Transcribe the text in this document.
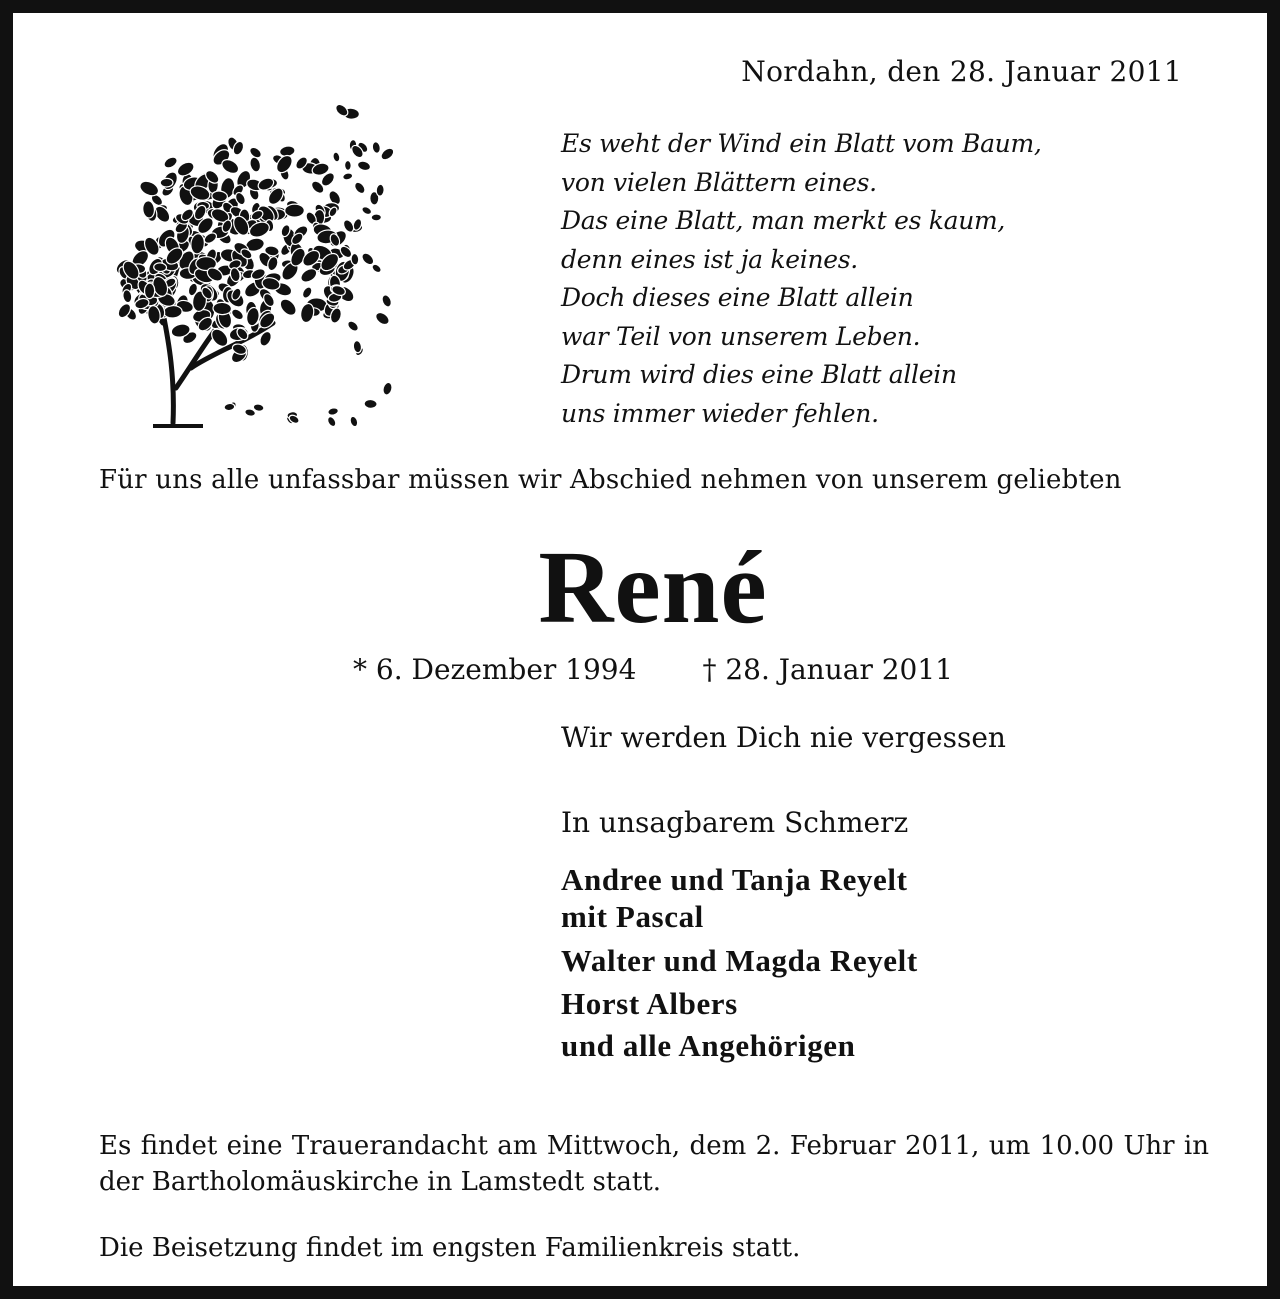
Nordahn, den 28. Januar 2011
Es weht der Wind ein Blatt vom Baum,
von vielen Blättern eines.
Das eine Blatt, man merkt es kaum,
denn eines ist ja keines.
Doch dieses eine Blatt allein
war Teil von unserem Leben.
Drum wird dies eine Blatt allein
uns immer wieder fehlen.
Für uns alle unfassbar müssen wir Abschied nehmen von unserem geliebten
René
* 6. Dezember 1994 † 28. Januar 2011
Wir werden Dich nie vergessen
In unsagbarem Schmerz
Andree und Tanja Reyelt
mit Pascal
Walter und Magda Reyelt
Horst Albers
und alle Angehörigen
Es findet eine Trauerandacht am Mittwoch, dem 2. Februar 2011, um 10.00 Uhr in der Bartholomäuskirche in Lamstedt statt.
Die Beisetzung findet im engsten Familienkreis statt.
